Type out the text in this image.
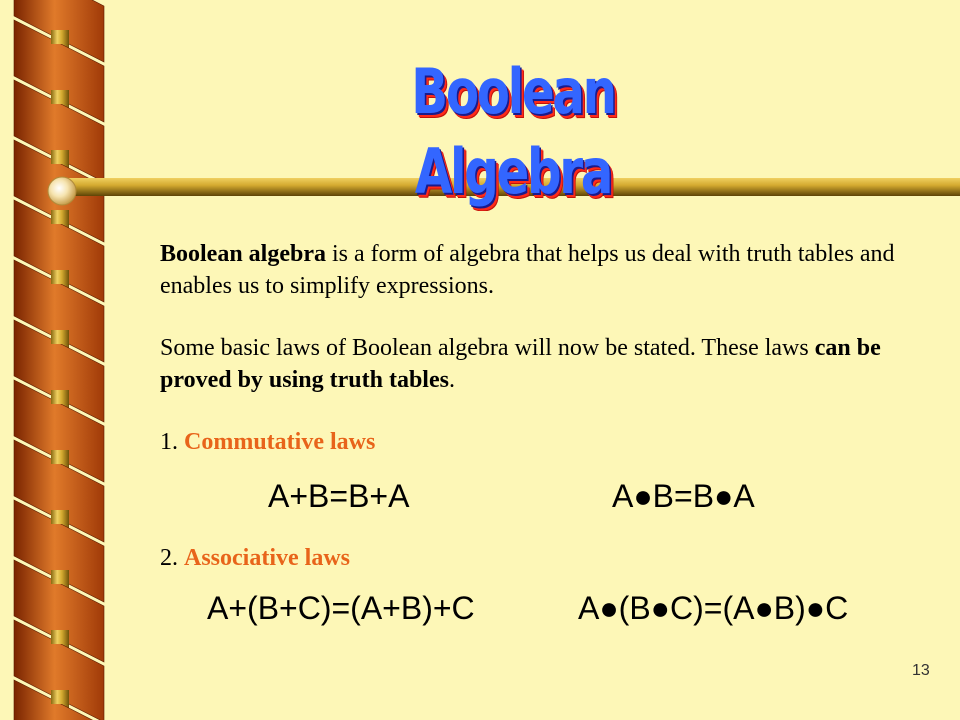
Boolean Algebra
Boolean algebra is a form of algebra that helps us deal with truth tables and enables us to simplify expressions.
Some basic laws of Boolean algebra will now be stated. These laws can be proved by using truth tables.
1. Commutative laws
A+B=B+A	A●B=B●A
2. Associative laws
A+(B+C)=(A+B)+C	A●(B●C)=(A●B)●C
13
